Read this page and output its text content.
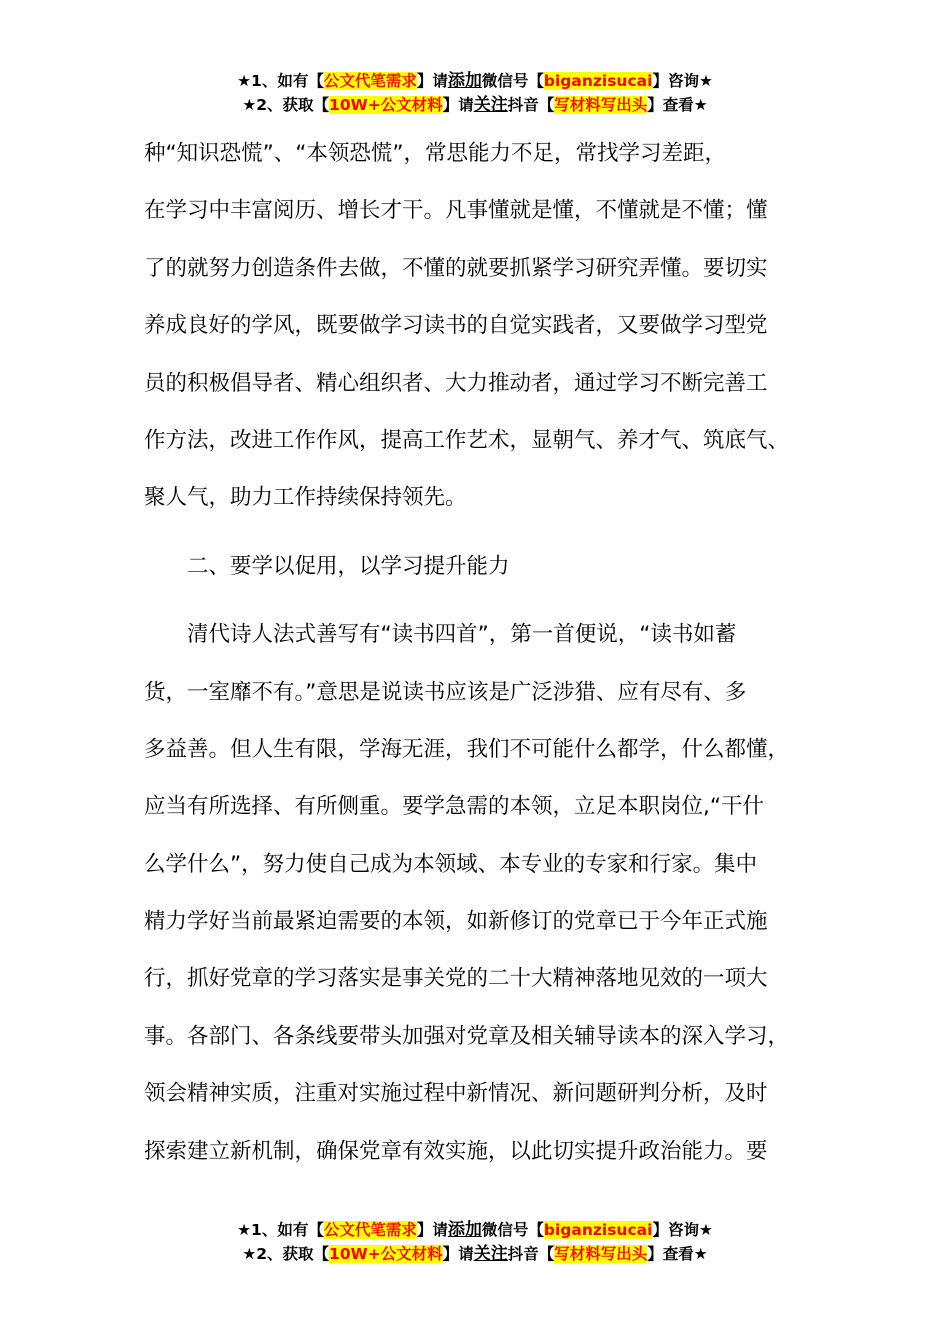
★1、如有【公文代笔需求】请添加微信号【biganzisucai】咨询★
★2、获取【10W+公文材料】请关注抖音【写材料写出头】查看★
种“知识恐慌”、“本领恐慌”，常思能力不足，常找学习差距，
在学习中丰富阅历、增长才干。凡事懂就是懂，不懂就是不懂；懂
了的就努力创造条件去做，不懂的就要抓紧学习研究弄懂。要切实
养成良好的学风，既要做学习读书的自觉实践者，又要做学习型党
员的积极倡导者、精心组织者、大力推动者，通过学习不断完善工
作方法，改进工作作风，提高工作艺术，显朝气、养才气、筑底气、
聚人气，助力工作持续保持领先。
二、要学以促用，以学习提升能力
清代诗人法式善写有“读书四首”，第一首便说，“读书如蓄
货，一室靡不有。”意思是说读书应该是广泛涉猎、应有尽有、多
多益善。但人生有限，学海无涯，我们不可能什么都学，什么都懂，
应当有所选择、有所侧重。要学急需的本领，立足本职岗位,“干什
么学什么”，努力使自己成为本领域、本专业的专家和行家。集中
精力学好当前最紧迫需要的本领，如新修订的党章已于今年正式施
行，抓好党章的学习落实是事关党的二十大精神落地见效的一项大
事。各部门、各条线要带头加强对党章及相关辅导读本的深入学习，
领会精神实质，注重对实施过程中新情况、新问题研判分析，及时
探索建立新机制，确保党章有效实施，以此切实提升政治能力。要
★1、如有【公文代笔需求】请添加微信号【biganzisucai】咨询★
★2、获取【10W+公文材料】请关注抖音【写材料写出头】查看★
